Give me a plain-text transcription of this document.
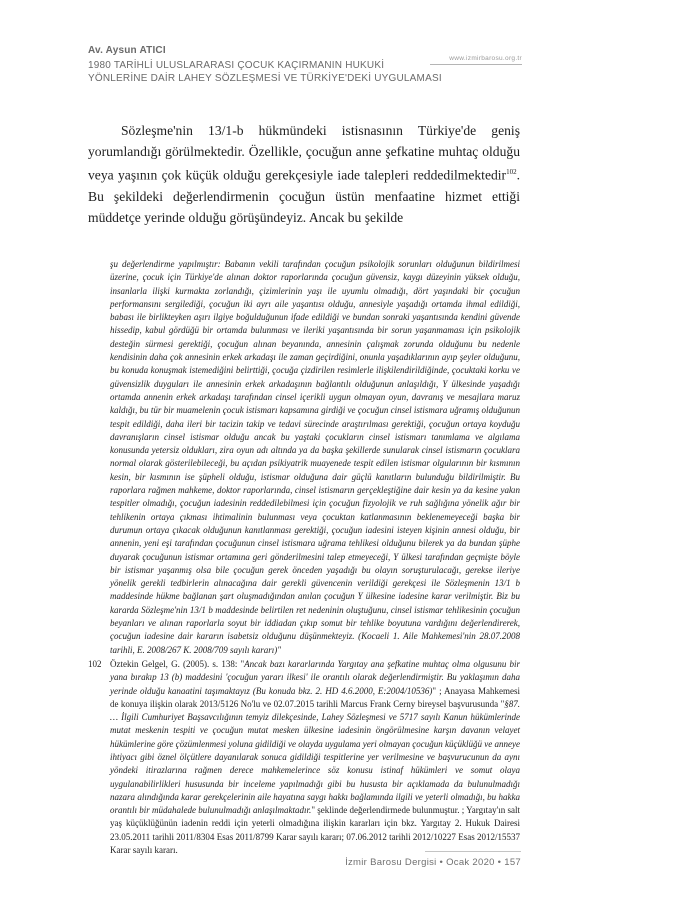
Av. Aysun ATICI
1980 TARİHLİ ULUSLARARASI ÇOCUK KAÇIRMANIN HUKUKİ
YÖNLERİNE DAİR LAHEY SÖZLEŞMESİ VE TÜRKİYE'DEKİ UYGULAMASI
www.izmirbarosu.org.tr

Sözleşme'nin 13/1-b hükmündeki istisnasının Türkiye'de geniş yorumlandığı görülmektedir. Özellikle, çocuğun anne şefkatine muhtaç olduğu veya yaşının çok küçük olduğu gerekçesiyle iade talepleri reddedilmektedir$^{102}$. Bu şekildeki değerlendirmenin çocuğun üstün menfaatine hizmet ettiği müddetçe yerinde olduğu görüşündeyiz. Ancak bu şekilde

şu değerlendirme yapılmıştır: Babanın vekili tarafından çocuğun psikolojik sorunları olduğunun bildirilmesi üzerine, çocuk için Türkiye'de alınan doktor raporlarında çocuğun güvensiz, kaygı düzeyinin yüksek olduğu, insanlarla ilişki kurmakta zorlandığı, çizimlerinin yaşı ile uyumlu olmadığı, dört yaşındaki bir çocuğun performansını sergilediği, çocuğun iki ayrı aile yaşantısı olduğu, annesiyle yaşadığı ortamda ihmal edildiği, babası ile birlikteyken aşırı ilgiye boğulduğunun ifade edildiği ve bundan sonraki yaşantısında kendini güvende hissedip, kabul gördüğü bir ortamda bulunması ve ileriki yaşantısında bir sorun yaşanmaması için psikolojik desteğin sürmesi gerektiği, çocuğun alınan beyanında, annesinin çalışmak zorunda olduğunu bu nedenle kendisinin daha çok annesinin erkek arkadaşı ile zaman geçirdiğini, onunla yaşadıklarının ayıp şeyler olduğunu, bu konuda konuşmak istemediğini belirttiği, çocuğa çizdirilen resimlerle ilişkilendirildiğinde, çocuktaki korku ve güvensizlik duyguları ile annesinin erkek arkadaşının bağlantılı olduğunun anlaşıldığı, Y ülkesinde yaşadığı ortamda annenin erkek arkadaşı tarafından cinsel içerikli uygun olmayan oyun, davranış ve mesajlara maruz kaldığı, bu tür bir muamelenin çocuk istismarı kapsamına girdiği ve çocuğun cinsel istismara uğramış olduğunun tespit edildiği, daha ileri bir tacizin takip ve tedavi sürecinde araştırılması gerektiği, çocuğun ortaya koyduğu davranışların cinsel istismar olduğu ancak bu yaştaki çocukların cinsel istismarı tanımlama ve algılama konusunda yetersiz oldukları, zira oyun adı altında ya da başka şekillerde sunularak cinsel istismarın çocuklara normal olarak gösterilebileceği, bu açıdan psikiyatrik muayenede tespit edilen istismar olgularının bir kısmının kesin, bir kısmının ise şüpheli olduğu, istismar olduğuna dair güçlü kanıtların bulunduğu bildirilmiştir. Bu raporlara rağmen mahkeme, doktor raporlarında, cinsel istismarın gerçekleştiğine dair kesin ya da kesine yakın tespitler olmadığı, çocuğun iadesinin reddedilebilmesi için çocuğun fizyolojik ve ruh sağlığına yönelik ağır bir tehlikenin ortaya çıkması ihtimalinin bulunması veya çocuktan katlanmasının beklenemeyeceği başka bir durumun ortaya çıkacak olduğunun kanıtlanması gerektiği, çocuğun iadesini isteyen kişinin annesi olduğu, bir annenin, yeni eşi tarafından çocuğunun cinsel istismara uğrama tehlikesi olduğunu bilerek ya da bundan şüphe duyarak çocuğunun istismar ortamına geri gönderilmesini talep etmeyeceği, Y ülkesi tarafından geçmişte böyle bir istismar yaşanmış olsa bile çocuğun gerek önceden yaşadığı bu olayın soruşturulacağı, gerekse ileriye yönelik gerekli tedbirlerin alınacağına dair gerekli güvencenin verildiği gerekçesi ile Sözleşmenin 13/1 b maddesinde hükme bağlanan şart oluşmadığından anılan çocuğun Y ülkesine iadesine karar verilmiştir. Biz bu kararda Sözleşme'nin 13/1 b maddesinde belirtilen ret nedeninin oluştuğunu, cinsel istismar tehlikesinin çocuğun beyanları ve alınan raporlarla soyut bir iddiadan çıkıp somut bir tehlike boyutuna vardığını değerlendirerek, çocuğun iadesine dair kararın isabetsiz olduğunu düşünmekteyiz. (Kocaeli 1. Aile Mahkemesi'nin 28.07.2008 tarihli, E. 2008/267 K. 2008/709 sayılı kararı)"

102 Öztekin Gelgel, G. (2005). s. 138: "Ancak bazı kararlarında Yargıtay ana şefkatine muhtaç olma olgusunu bir yana bırakıp 13 (b) maddesini 'çocuğun yararı ilkesi' ile orantılı olarak değerlendirmiştir. Bu yaklaşımın daha yerinde olduğu kanaatini taşımaktayız (Bu konuda bkz. 2. HD 4.6.2000, E:2004/10536)" ; Anayasa Mahkemesi de konuya ilişkin olarak 2013/5126 No'lu ve 02.07.2015 tarihli Marcus Frank Cerny bireysel başvurusunda "§87. … İlgili Cumhuriyet Başsavcılığının temyiz dilekçesinde, Lahey Sözleşmesi ve 5717 sayılı Kanun hükümlerinde mutat meskenin tespiti ve çocuğun mutat mesken ülkesine iadesinin öngörülmesine karşın davanın velayet hükümlerine göre çözümlenmesi yoluna gidildiği ve olayda uygulama yeri olmayan çocuğun küçüklüğü ve anneye ihtiyacı gibi öznel ölçütlere dayanılarak sonuca gidildiği tespitlerine yer verilmesine ve başvurucunun da aynı yöndeki itirazlarına rağmen derece mahkemelerince söz konusu istinaf hükümleri ve somut olaya uygulanabilirlikleri hususunda bir inceleme yapılmadığı gibi bu hususta bir açıklamada da bulunulmadığı nazara alındığında karar gerekçelerinin aile hayatına saygı hakkı bağlamında ilgili ve yeterli olmadığı, bu hakka orantılı bir müdahalede bulunulmadığı anlaşılmaktadır." şeklinde değerlendirmede bulunmuştur. ; Yargıtay'ın salt yaş küçüklüğünün iadenin reddi için yeterli olmadığına ilişkin kararları için bkz. Yargıtay 2. Hukuk Dairesi 23.05.2011 tarihli 2011/8304 Esas 2011/8799 Karar sayılı kararı; 07.06.2012 tarihli 2012/10227 Esas 2012/15537 Karar sayılı kararı.

İzmir Barosu Dergisi • Ocak 2020 • 157
